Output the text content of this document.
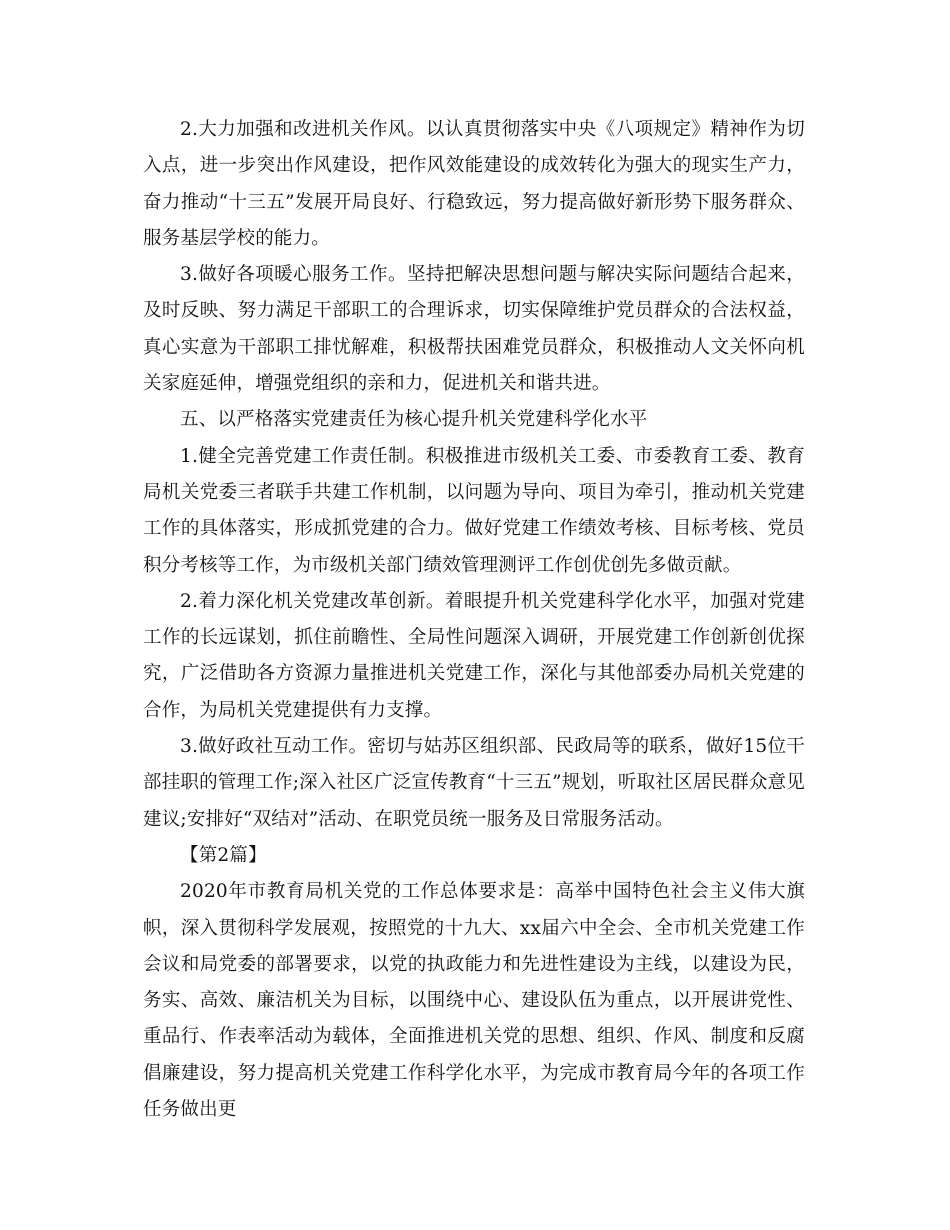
2.大力加强和改进机关作风。以认真贯彻落实中央《八项规定》精神作为切入点，进一步突出作风建设，把作风效能建设的成效转化为强大的现实生产力，奋力推动“十三五”发展开局良好、行稳致远，努力提高做好新形势下服务群众、服务基层学校的能力。

3.做好各项暖心服务工作。坚持把解决思想问题与解决实际问题结合起来，及时反映、努力满足干部职工的合理诉求，切实保障维护党员群众的合法权益，真心实意为干部职工排忧解难，积极帮扶困难党员群众，积极推动人文关怀向机关家庭延伸，增强党组织的亲和力，促进机关和谐共进。

五、以严格落实党建责任为核心提升机关党建科学化水平

1.健全完善党建工作责任制。积极推进市级机关工委、市委教育工委、教育局机关党委三者联手共建工作机制，以问题为导向、项目为牵引，推动机关党建工作的具体落实，形成抓党建的合力。做好党建工作绩效考核、目标考核、党员积分考核等工作，为市级机关部门绩效管理测评工作创优创先多做贡献。

2.着力深化机关党建改革创新。着眼提升机关党建科学化水平，加强对党建工作的长远谋划，抓住前瞻性、全局性问题深入调研，开展党建工作创新创优探究，广泛借助各方资源力量推进机关党建工作，深化与其他部委办局机关党建的合作，为局机关党建提供有力支撑。

3.做好政社互动工作。密切与姑苏区组织部、民政局等的联系，做好15位干部挂职的管理工作;深入社区广泛宣传教育“十三五”规划，听取社区居民群众意见建议;安排好“双结对”活动、在职党员统一服务及日常服务活动。

【第2篇】

2020年市教育局机关党的工作总体要求是：高举中国特色社会主义伟大旗帜，深入贯彻科学发展观，按照党的十九大、xx届六中全会、全市机关党建工作会议和局党委的部署要求，以党的执政能力和先进性建设为主线，以建设为民，务实、高效、廉洁机关为目标，以围绕中心、建设队伍为重点，以开展讲党性、重品行、作表率活动为载体，全面推进机关党的思想、组织、作风、制度和反腐倡廉建设，努力提高机关党建工作科学化水平，为完成市教育局今年的各项工作任务做出更
